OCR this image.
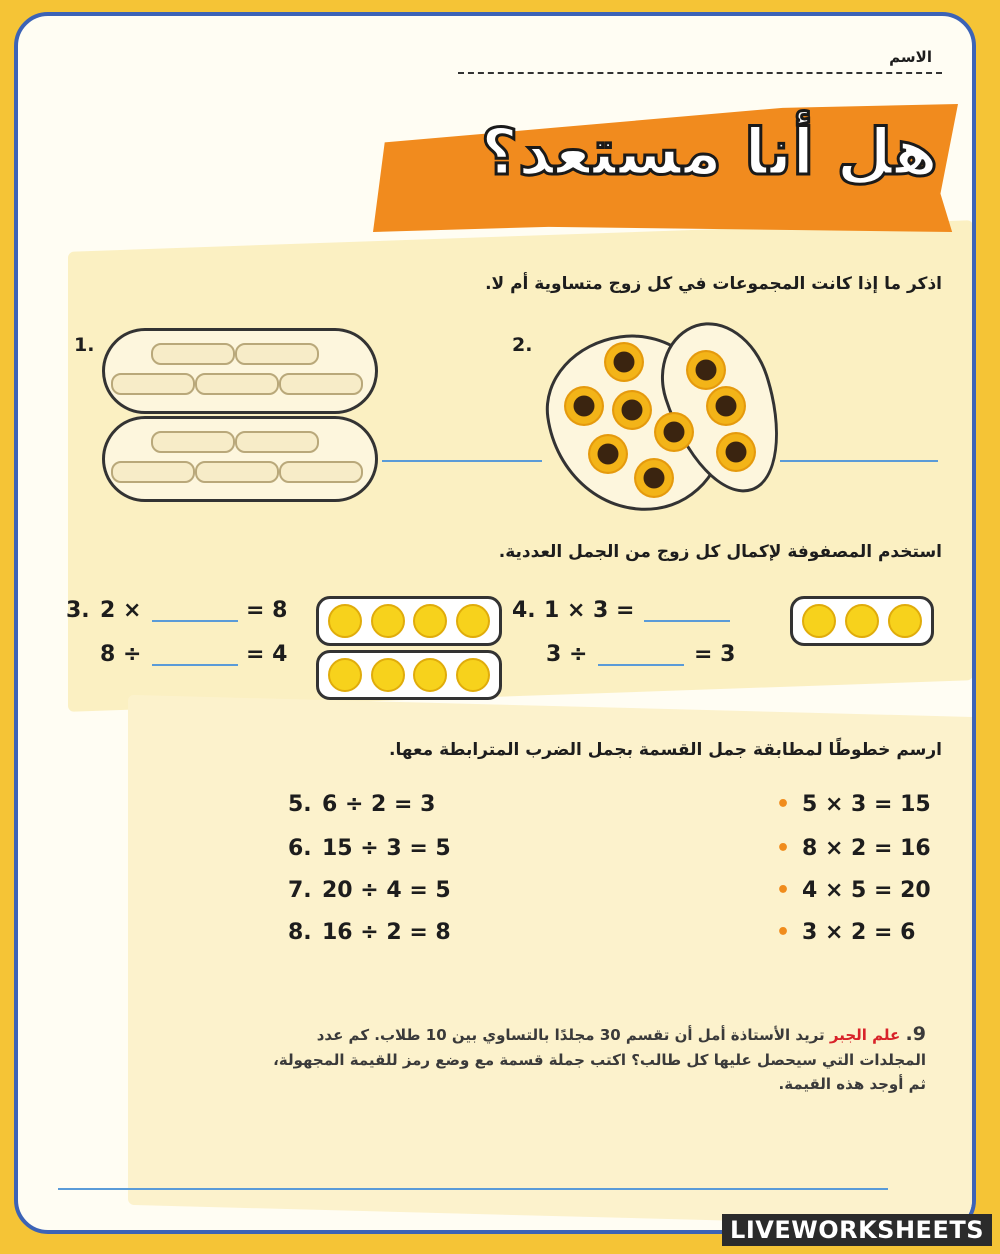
الاسم
هل أنا مستعد؟
اذكر ما إذا كانت المجموعات في كل زوج متساوية أم لا.
1.	2.
استخدم المصفوفة لإكمال كل زوج من الجمل العددية.
3. 2 ×	= 8
8 ÷	= 4
4. 1 × 3 =
3 ÷	= 3
ارسم خطوطًا لمطابقة جمل القسمة بجمل الضرب المترابطة معها.
5. 6 ÷ 2 = 3
6. 15 ÷ 3 = 5
7. 20 ÷ 4 = 5
8. 16 ÷ 2 = 8
• 5 × 3 = 15
• 8 × 2 = 16
• 4 × 5 = 20
• 3 × 2 = 6
9. علم الجبر تريد الأستاذة أمل أن تقسم 30 مجلدًا بالتساوي بين 10 طلاب. كم عدد
المجلدات التي سيحصل عليها كل طالب؟ اكتب جملة قسمة مع وضع رمز للقيمة المجهولة،
ثم أوجد هذه القيمة.
LIVEWORKSHEETS
